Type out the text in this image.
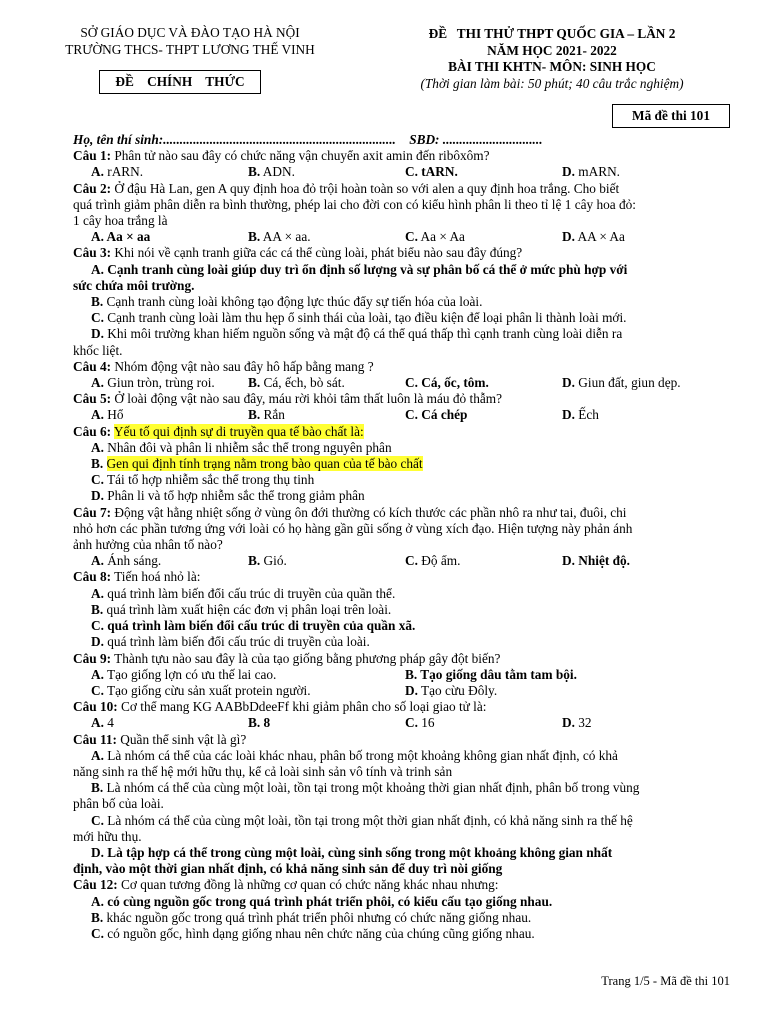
SỞ GIÁO DỤC VÀ ĐÀO TẠO HÀ NỘI
TRƯỜNG THCS- THPT LƯƠNG THẾ VINH
ĐỀ    CHÍNH    THỨC
ĐỀ   THI THỬ THPT QUỐC GIA – LẦN 2
NĂM HỌC 2021- 2022
BÀI THI KHTN- MÔN: SINH HỌC
(Thời gian làm bài: 50 phút; 40 câu trắc nghiệm)
Mã đề thi 101
Họ, tên thí sinh:...................................................................... SBD: ..............................
Câu 1: Phân tử nào sau đây có chức năng vận chuyển axit amin đến ribôxôm?
A. rARN.	B. ADN.	C. tARN.	D. mARN.
Câu 2: Ở đậu Hà Lan, gen A quy định hoa đỏ trội hoàn toàn so với alen a quy định hoa trắng. Cho biết
quá trình giảm phân diễn ra bình thường, phép lai cho đời con có kiểu hình phân li theo tỉ lệ 1 cây hoa đỏ:
1 cây hoa trắng là
A. Aa × aa	B. AA × aa.	C. Aa × Aa	D. AA × Aa
Câu 3: Khi nói về cạnh tranh giữa các cá thể cùng loài, phát biểu nào sau đây đúng?
A. Cạnh tranh cùng loài giúp duy trì ổn định số lượng và sự phân bố cá thể ở mức phù hợp với
sức chứa môi trường.
B. Cạnh tranh cùng loài không tạo động lực thúc đẩy sự tiến hóa của loài.
C. Cạnh tranh cùng loài làm thu hẹp ổ sinh thái của loài, tạo điều kiện để loại phân li thành loài mới.
D. Khi môi trường khan hiếm nguồn sống và mật độ cá thể quá thấp thì cạnh tranh cùng loài diễn ra
khốc liệt.
Câu 4: Nhóm động vật nào sau đây hô hấp bằng mang ?
A. Giun tròn, trùng roi.	B. Cá, ếch, bò sát.	C. Cá, ốc, tôm.	D. Giun đất, giun dẹp.
Câu 5: Ở loài động vật nào sau đây, máu rời khỏi tâm thất luôn là máu đỏ thẫm?
A. Hổ	B. Rắn	C. Cá chép	D. Ếch
Câu 6: Yếu tố qui định sự di truyền qua tế bào chất là:
A. Nhân đôi và phân li nhiễm sắc thể trong nguyên phân
B. Gen qui định tính trạng nằm trong bào quan của tế bào chất
C. Tái tổ hợp nhiễm sắc thể trong thụ tinh
D. Phân li và tổ hợp nhiễm sắc thể trong giảm phân
Câu 7: Động vật hằng nhiệt sống ở vùng ôn đới thường có kích thước các phần nhô ra như tai, đuôi, chi
nhỏ hơn các phần tương ứng với loài có họ hàng gần gũi sống ở vùng xích đạo. Hiện tượng này phản ánh
ảnh hưởng của nhân tố nào?
A. Ánh sáng.	B. Gió.	C. Độ ẩm.	D. Nhiệt độ.
Câu 8: Tiến hoá nhỏ là:
A. quá trình làm biến đổi cấu trúc di truyền của quần thể.
B. quá trình làm xuất hiện các đơn vị phân loại trên loài.
C. quá trình làm biến đổi cấu trúc di truyền của quần xã.
D. quá trình làm biến đổi cấu trúc di truyền của loài.
Câu 9: Thành tựu nào sau đây là của tạo giống bằng phương pháp gây đột biến?
A. Tạo giống lợn có ưu thế lai cao.	B. Tạo giống dâu tằm tam bội.
C. Tạo giống cừu sản xuất protein người.	D. Tạo cừu Đôly.
Câu 10: Cơ thể mang KG AABbDdeeFf khi giảm phân cho số loại giao tử là:
A. 4	B. 8	C. 16	D. 32
Câu 11: Quần thể sinh vật là gì?
A. Là nhóm cá thể của các loài khác nhau, phân bố trong một khoảng không gian nhất định, có khả
năng sinh ra thế hệ mới hữu thụ, kể cả loài sinh sản vô tính và trinh sản
B. Là nhóm cá thể của cùng một loài, tồn tại trong một khoảng thời gian nhất định, phân bố trong vùng
phân bố của loài.
C. Là nhóm cá thể của cùng một loài, tồn tại trong một thời gian nhất định, có khả năng sinh ra thế hệ
mới hữu thụ.
D. Là tập hợp cá thể trong cùng một loài, cùng sinh sống trong một khoảng không gian nhất
định, vào một thời gian nhất định, có khả năng sinh sản để duy trì nòi giống
Câu 12: Cơ quan tương đồng là những cơ quan có chức năng khác nhau nhưng:
A. có cùng nguồn gốc trong quá trình phát triển phôi, có kiểu cấu tạo giống nhau.
B. khác nguồn gốc trong quá trình phát triển phôi nhưng có chức năng giống nhau.
C. có nguồn gốc, hình dạng giống nhau nên chức năng của chúng cũng giống nhau.
Trang 1/5 - Mã đề thi 101
